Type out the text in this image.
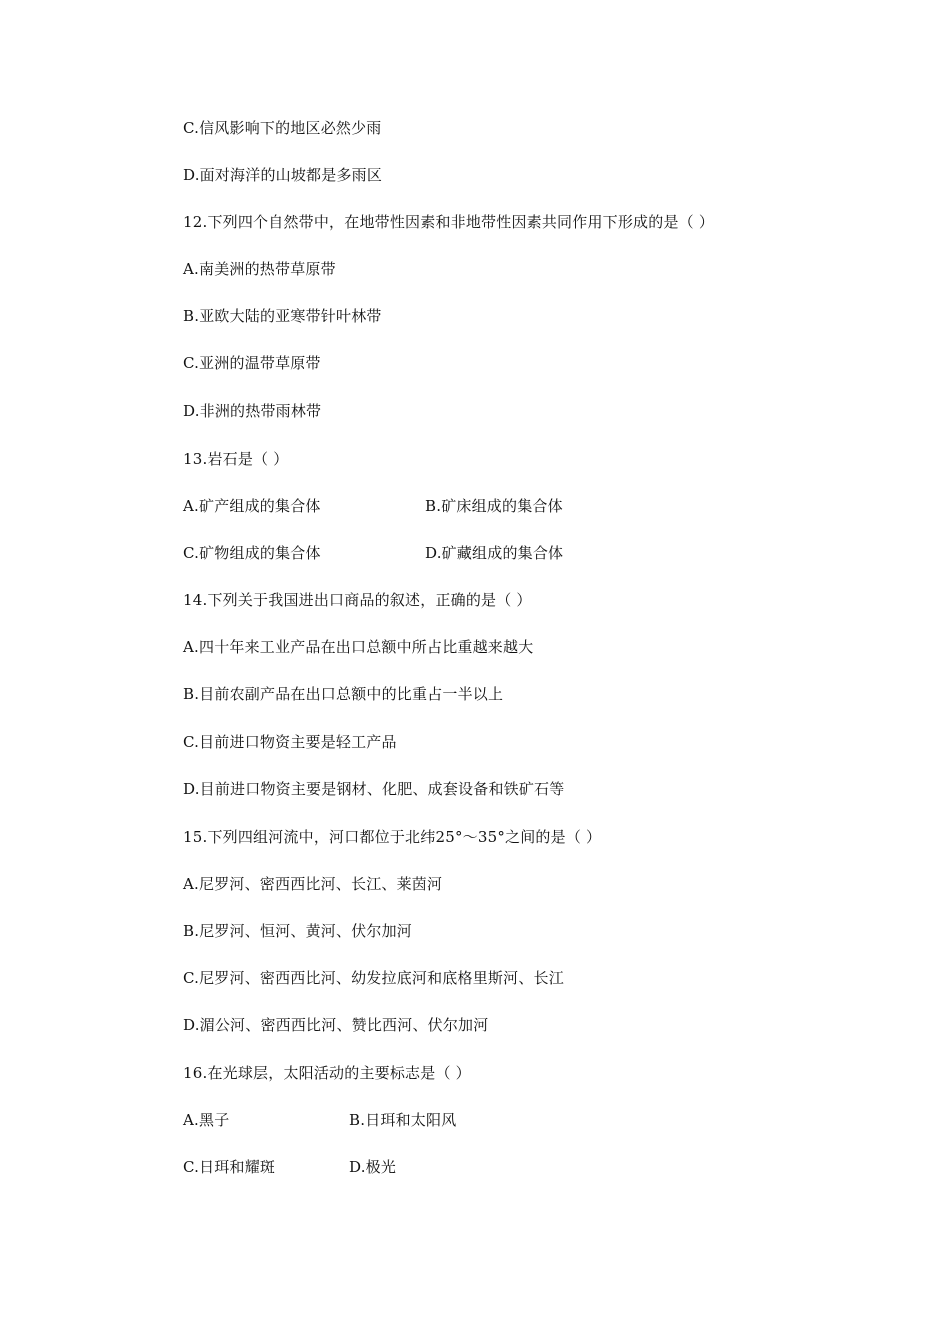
C.信风影响下的地区必然少雨
D.面对海洋的山坡都是多雨区
12.下列四个自然带中，在地带性因素和非地带性因素共同作用下形成的是（ ）
A.南美洲的热带草原带
B.亚欧大陆的亚寒带针叶林带
C.亚洲的温带草原带
D.非洲的热带雨林带
13.岩石是（ ）
A.矿产组成的集合体	B.矿床组成的集合体
C.矿物组成的集合体	D.矿藏组成的集合体
14.下列关于我国进出口商品的叙述，正确的是（ ）
A.四十年来工业产品在出口总额中所占比重越来越大
B.目前农副产品在出口总额中的比重占一半以上
C.目前进口物资主要是轻工产品
D.目前进口物资主要是钢材、化肥、成套设备和铁矿石等
15.下列四组河流中，河口都位于北纬25°～35°之间的是（ ）
A.尼罗河、密西西比河、长江、莱茵河
B.尼罗河、恒河、黄河、伏尔加河
C.尼罗河、密西西比河、幼发拉底河和底格里斯河、长江
D.湄公河、密西西比河、赞比西河、伏尔加河
16.在光球层，太阳活动的主要标志是（ ）
A.黑子	B.日珥和太阳风
C.日珥和耀斑	D.极光
